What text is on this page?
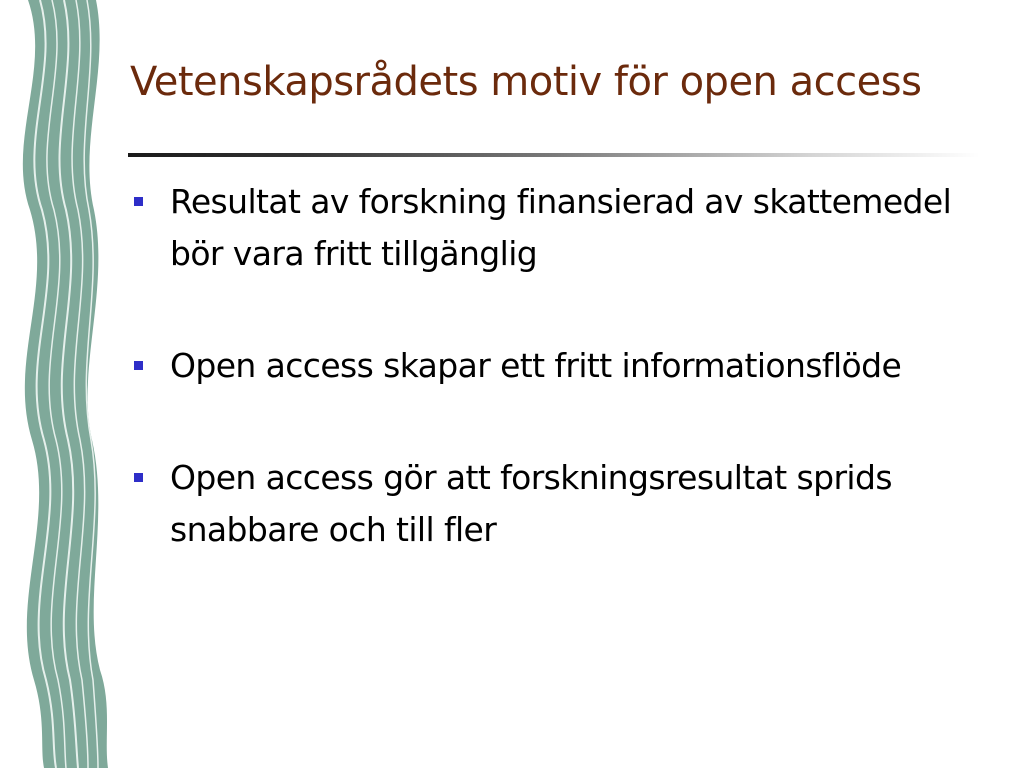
Vetenskapsrådets motiv för open access
Resultat av forskning finansierad av skattemedel bör vara fritt tillgänglig
Open access skapar ett fritt informationsflöde
Open access gör att forskningsresultat sprids snabbare och till fler
